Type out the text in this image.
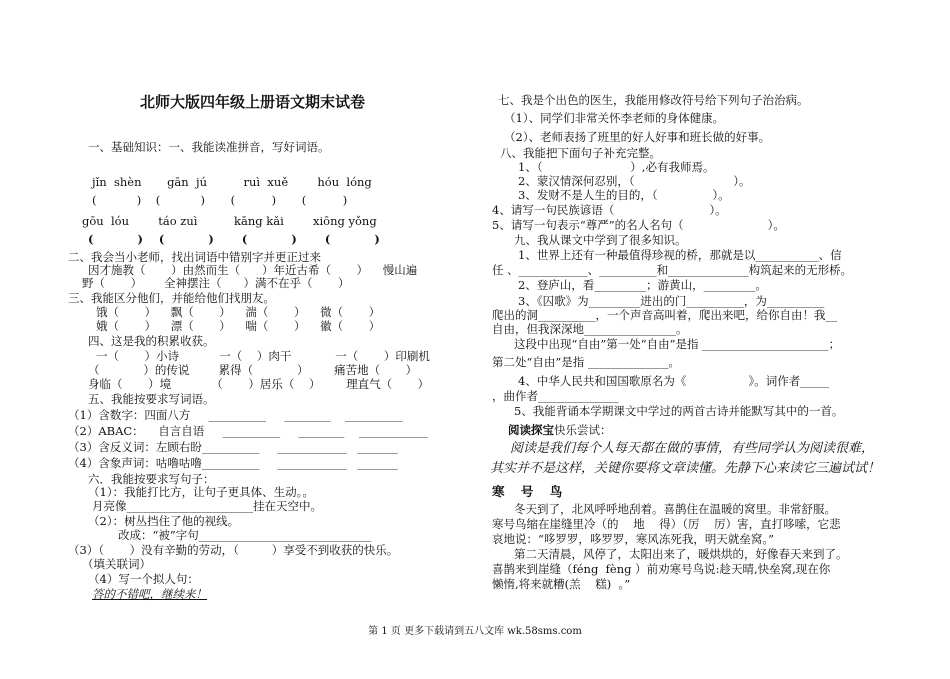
北师大版四年级上册语文期末试卷
一、基础知识：一、我能读准拼音，写好词语。
jǐn  shèn       gān  jú          ruì  xuě        hóu  lóng
(           )    (           )       (          )       (          )
gōu  lóu        táo zuì          kāng kǎi        xiōng yǒng
(           )    (           )       (           )       (           )
二、我会当小老师，找出词语中错别字并更正过来
因才施教（       ）由然而生（      ）年近古希（       ）    慢山遍
野（       ）      全神摆注（      ）满不在乎（       ）
三、我能区分他们，并能给他们找朋友。
饿（       ）    飘（       ）    湍（       ）    微（       ）
娥（       ）    漂（       ）    喘（       ）    徽（       ）
四、这是我的积累收获。
一（       ）小诗           一（    ）肉干            一（       ）印刷机
（            ）的传说        累得（            ）       痛苦地（       ）
身临（       ）境           （       ）居乐（    ）       理直气（       ）
五、我能按要求写词语。
（1）含数字：四面八方     __________     ________    __________
（2）ABAC：    自言自语     __________     ________    ____________
（3）含反义词：左顾右盼__________     ____________   _______
（4）含象声词：咕噜咕噜__________     ____________   _______
六．我能按要求写句子：
（1）：我能打比方，让句子更具体、生动。。
月亮像______________________挂在天空中。
（2）：树丛挡住了他的视线。
改成：“被”字句______________________________
（3）（       ）没有辛勤的劳动，（         ）享受不到收获的快乐。
（填关联词）
（4）写一个拟人句：
答的不错吧，继续来！
七、我是个出色的医生，我能用修改符号给下列句子治治病。
（1）、同学们非常关怀李老师的身体健康。
（2）、老师表扬了班里的好人好事和班长做的好事。
八、我能把下面句子补充完整。
1、（                        ）,必有我师焉。
2、蒙汉情深何忍别，（                           ）。
3、发财不是人生的目的，（               ）。
4、请写一句民族谚语（                          ）。
5、请写一句表示“尊严”的名人名句（                       ）。
九、我从课文中学到了很多知识。
1、世界上还有一种最值得珍视的桥，那就是以___________、信
任 、____________、__________和______________构筑起来的无形桥。
2、登庐山，看_________；游黄山，_________。
3、《囚歌》为_________进出的门__________，为__________
爬出的洞__________，一个声音高叫着，爬出来吧，给你自由！我__
自由，但我深深地________________。
这段中出现“自由”第一处“自由”是指 ______________________；
第二处“自由”是指 ______________。
4、中华人民共和国国歌原名为《                 》。词作者_____
，曲作者______________
5、我能背诵本学期课文中学过的两首古诗并能默写其中的一首。
阅读探宝快乐尝试：
阅读是我们每个人每天都在做的事情，有些同学认为阅读很难，
其实并不是这样，关键你要将文章读懂。先静下心来读它三遍试试！
寒 号 鸟
冬天到了，北风呼呼地刮着。喜鹊住在温暖的窝里。非常舒服。
寒号鸟缩在崖缝里冷（的    地    得）（厉    厉）害，直打哆嗦，它悲
哀地说：“哆罗罗，哆罗罗，寒风冻死我，明天就垒窝。”
第二天清晨，风停了，太阳出来了，暖烘烘的，好像春天来到了。
喜鹊来到崖缝（féng  fèng ）前劝寒号鸟说:趁天晴,快垒窝,现在你
懒惰,将来就糟(羔    糕)  。”
第 1 页 更多下载请到五八文库 wk.58sms.com
